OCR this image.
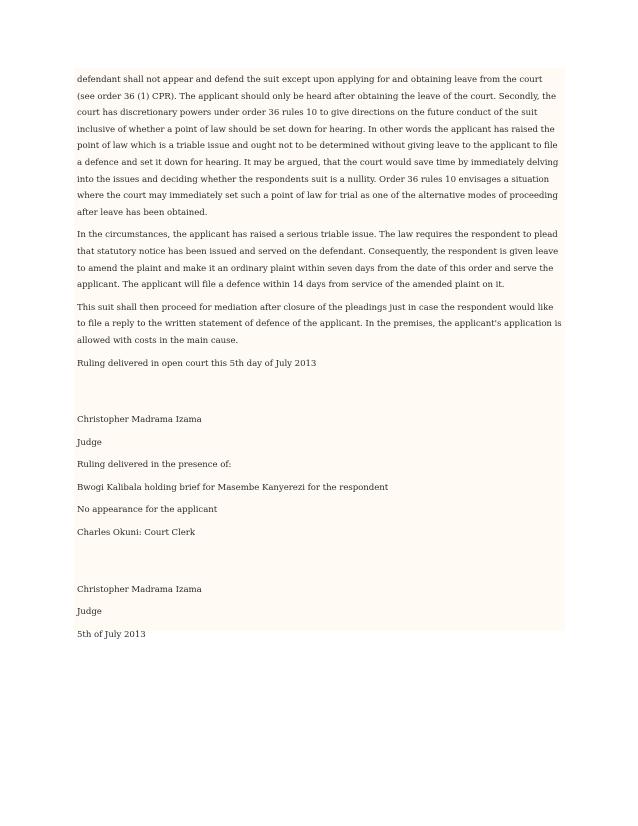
defendant shall not appear and defend the suit except upon applying for and obtaining leave from the court (see order 36 (1) CPR). The applicant should only be heard after obtaining the leave of the court. Secondly, the court has discretionary powers under order 36 rules 10 to give directions on the future conduct of the suit inclusive of whether a point of law should be set down for hearing. In other words the applicant has raised the point of law which is a triable issue and ought not to be determined without giving leave to the applicant to file a defence and set it down for hearing. It may be argued, that the court would save time by immediately delving into the issues and deciding whether the respondents suit is a nullity. Order 36 rules 10 envisages a situation where the court may immediately set such a point of law for trial as one of the alternative modes of proceeding after leave has been obtained.

In the circumstances, the applicant has raised a serious triable issue. The law requires the respondent to plead that statutory notice has been issued and served on the defendant. Consequently, the respondent is given leave to amend the plaint and make it an ordinary plaint within seven days from the date of this order and serve the applicant. The applicant will file a defence within 14 days from service of the amended plaint on it.

This suit shall then proceed for mediation after closure of the pleadings just in case the respondent would like to file a reply to the written statement of defence of the applicant. In the premises, the applicant's application is allowed with costs in the main cause.

Ruling delivered in open court this 5th day of July 2013

Christopher Madrama Izama

Judge

Ruling delivered in the presence of:

Bwogi Kalibala holding brief for Masembe Kanyerezi for the respondent

No appearance for the applicant

Charles Okuni: Court Clerk

Christopher Madrama Izama

Judge

5th of July 2013
